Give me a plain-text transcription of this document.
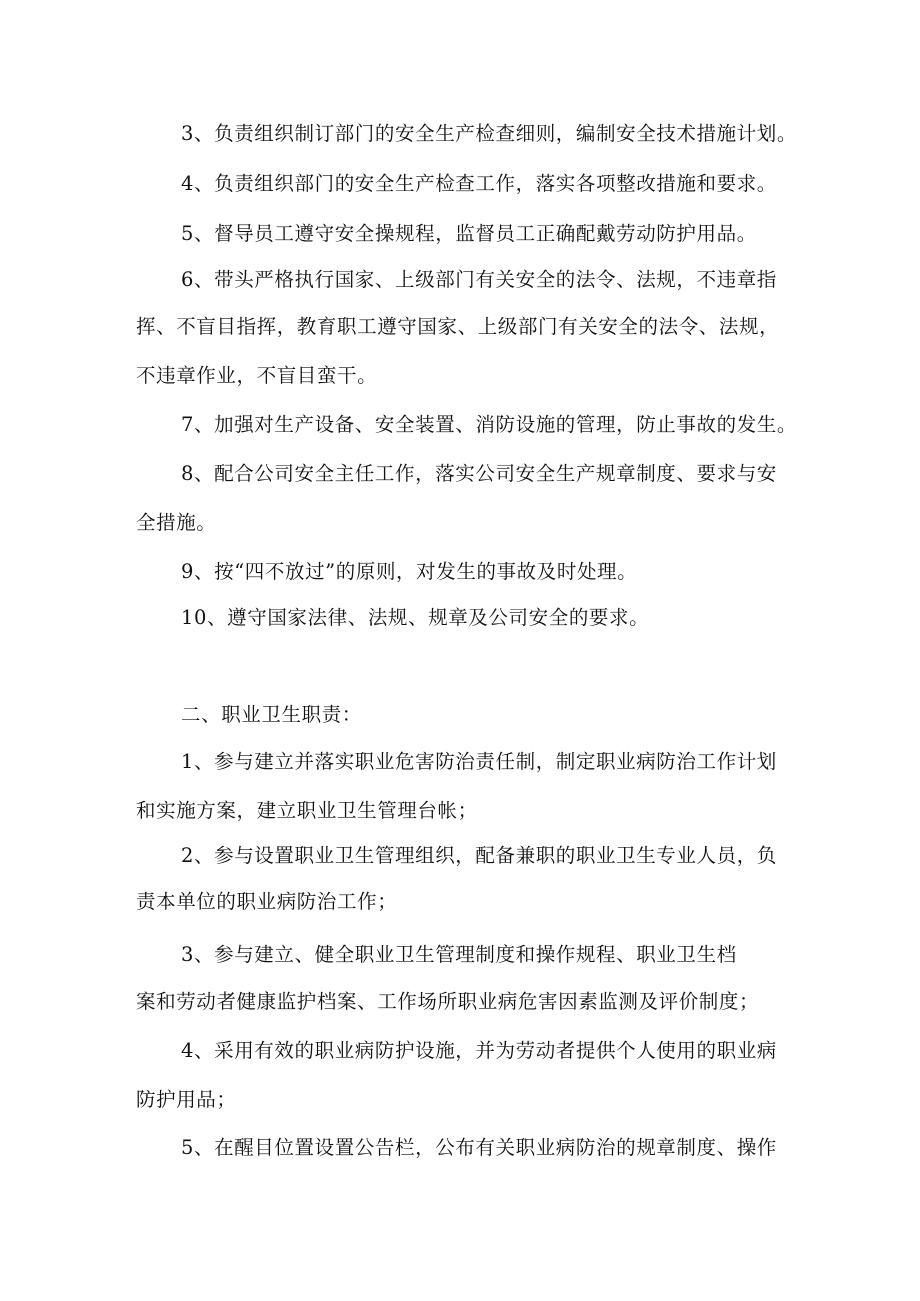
3、负责组织制订部门的安全生产检查细则，编制安全技术措施计划。
4、负责组织部门的安全生产检查工作，落实各项整改措施和要求。
5、督导员工遵守安全操规程，监督员工正确配戴劳动防护用品。
6、带头严格执行国家、上级部门有关安全的法令、法规，不违章指
挥、不盲目指挥，教育职工遵守国家、上级部门有关安全的法令、法规，
不违章作业，不盲目蛮干。
7、加强对生产设备、安全装置、消防设施的管理，防止事故的发生。
8、配合公司安全主任工作，落实公司安全生产规章制度、要求与安
全措施。
9、按“四不放过”的原则，对发生的事故及时处理。
10、遵守国家法律、法规、规章及公司安全的要求。
二、职业卫生职责：
1、参与建立并落实职业危害防治责任制，制定职业病防治工作计划
和实施方案，建立职业卫生管理台帐；
2、参与设置职业卫生管理组织，配备兼职的职业卫生专业人员，负
责本单位的职业病防治工作；
3、参与建立、健全职业卫生管理制度和操作规程、职业卫生档
案和劳动者健康监护档案、工作场所职业病危害因素监测及评价制度；
4、采用有效的职业病防护设施，并为劳动者提供个人使用的职业病
防护用品；
5、在醒目位置设置公告栏，公布有关职业病防治的规章制度、操作
